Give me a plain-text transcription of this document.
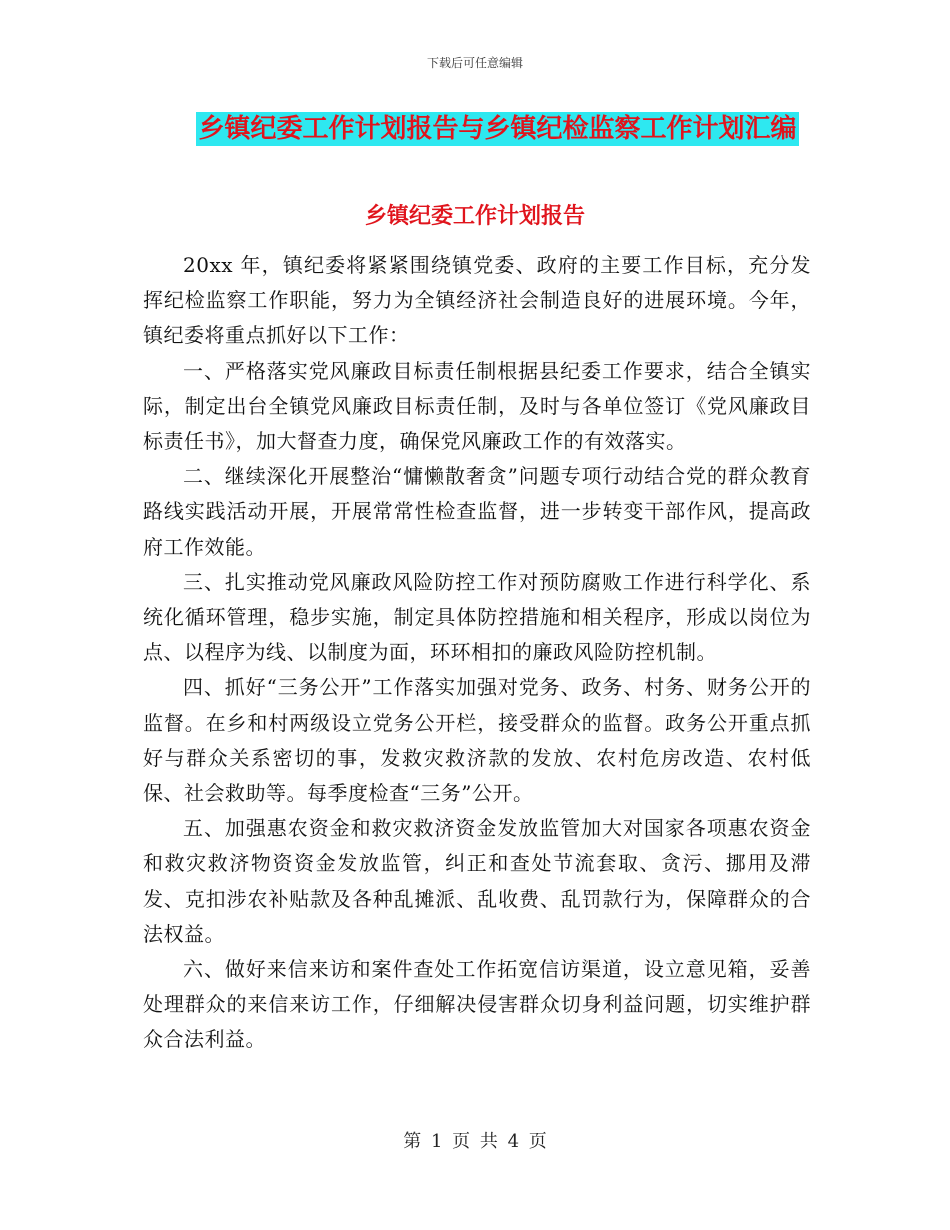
下载后可任意编辑
乡镇纪委工作计划报告与乡镇纪检监察工作计划汇编
乡镇纪委工作计划报告

20xx 年，镇纪委将紧紧围绕镇党委、政府的主要工作目标，充分发挥纪检监察工作职能，努力为全镇经济社会制造良好的进展环境。今年，镇纪委将重点抓好以下工作：

一、严格落实党风廉政目标责任制根据县纪委工作要求，结合全镇实际，制定出台全镇党风廉政目标责任制，及时与各单位签订《党风廉政目标责任书》，加大督查力度，确保党风廉政工作的有效落实。

二、继续深化开展整治“慵懒散奢贪”问题专项行动结合党的群众教育路线实践活动开展，开展常常性检查监督，进一步转变干部作风，提高政府工作效能。

三、扎实推动党风廉政风险防控工作对预防腐败工作进行科学化、系统化循环管理，稳步实施，制定具体防控措施和相关程序，形成以岗位为点、以程序为线、以制度为面，环环相扣的廉政风险防控机制。

四、抓好“三务公开”工作落实加强对党务、政务、村务、财务公开的监督。在乡和村两级设立党务公开栏，接受群众的监督。政务公开重点抓好与群众关系密切的事，发救灾救济款的发放、农村危房改造、农村低保、社会救助等。每季度检查“三务”公开。

五、加强惠农资金和救灾救济资金发放监管加大对国家各项惠农资金和救灾救济物资资金发放监管，纠正和查处节流套取、贪污、挪用及滞发、克扣涉农补贴款及各种乱摊派、乱收费、乱罚款行为，保障群众的合法权益。

六、做好来信来访和案件查处工作拓宽信访渠道，设立意见箱，妥善处理群众的来信来访工作，仔细解决侵害群众切身利益问题，切实维护群众合法利益。

第 1 页 共 4 页
